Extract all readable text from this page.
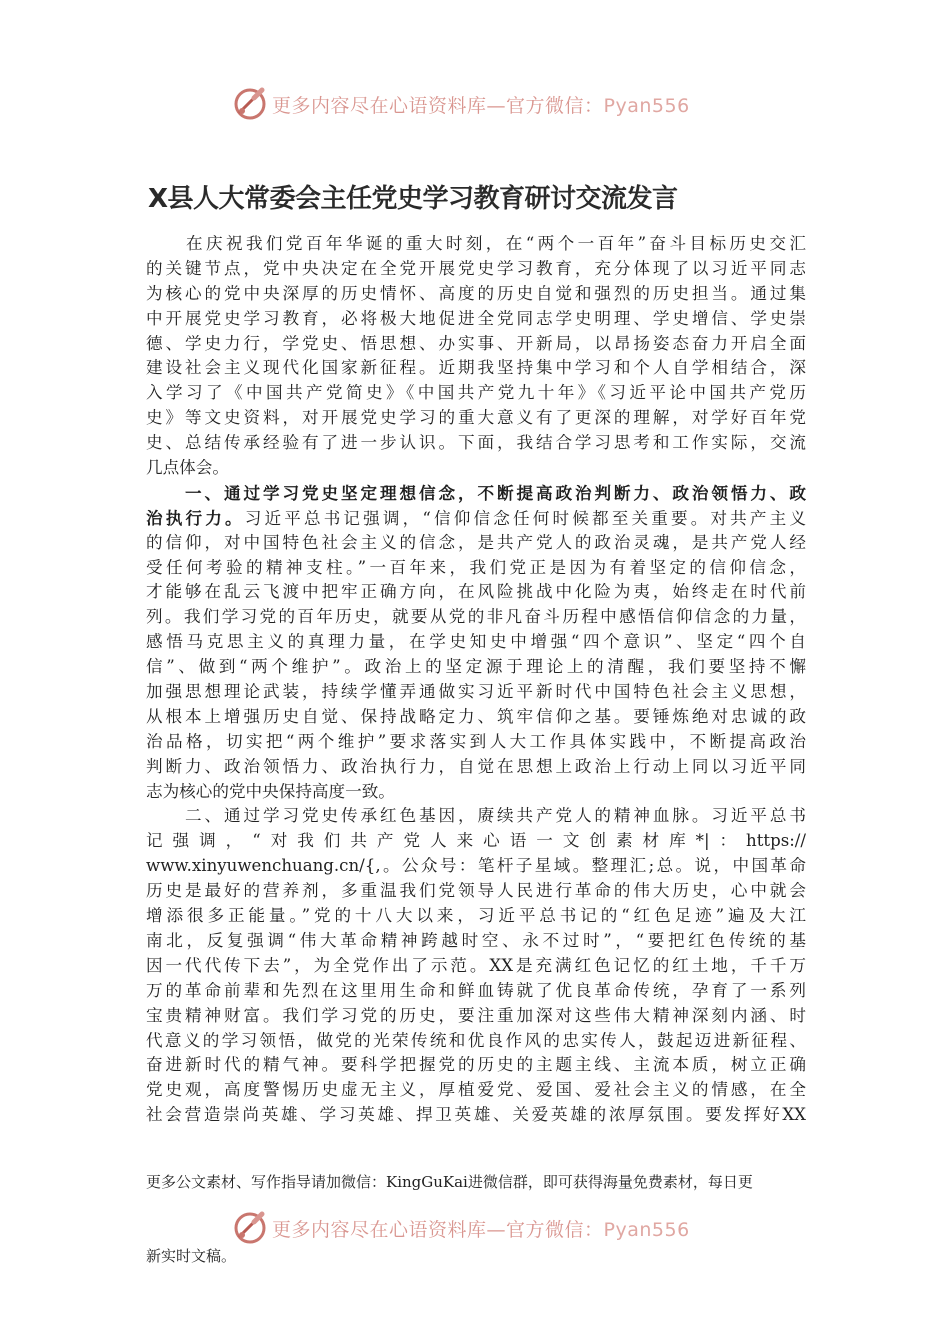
更多内容尽在心语资料库—官方微信：Pyan556
X县人大常委会主任党史学习教育研讨交流发言
　　在庆祝我们党百年华诞的重大时刻，在“两个一百年”奋斗目标历史交汇
的关键节点，党中央决定在全党开展党史学习教育，充分体现了以习近平同志
为核心的党中央深厚的历史情怀、高度的历史自觉和强烈的历史担当。通过集
中开展党史学习教育，必将极大地促进全党同志学史明理、学史增信、学史崇
德、学史力行，学党史、悟思想、办实事、开新局，以昂扬姿态奋力开启全面
建设社会主义现代化国家新征程。近期我坚持集中学习和个人自学相结合，深
入学习了《中国共产党简史》《中国共产党九十年》《习近平论中国共产党历
史》等文史资料，对开展党史学习的重大意义有了更深的理解，对学好百年党
史、总结传承经验有了进一步认识。下面，我结合学习思考和工作实际，交流
几点体会。
　　一、通过学习党史坚定理想信念，不断提高政治判断力、政治领悟力、政
治执行力。习近平总书记强调，“信仰信念任何时候都至关重要。对共产主义
的信仰，对中国特色社会主义的信念，是共产党人的政治灵魂，是共产党人经
受任何考验的精神支柱。”一百年来，我们党正是因为有着坚定的信仰信念，
才能够在乱云飞渡中把牢正确方向，在风险挑战中化险为夷，始终走在时代前
列。我们学习党的百年历史，就要从党的非凡奋斗历程中感悟信仰信念的力量，
感悟马克思主义的真理力量，在学史知史中增强“四个意识”、坚定“四个自
信”、做到“两个维护”。政治上的坚定源于理论上的清醒，我们要坚持不懈
加强思想理论武装，持续学懂弄通做实习近平新时代中国特色社会主义思想，
从根本上增强历史自觉、保持战略定力、筑牢信仰之基。要锤炼绝对忠诚的政
治品格，切实把“两个维护”要求落实到人大工作具体实践中，不断提高政治
判断力、政治领悟力、政治执行力，自觉在思想上政治上行动上同以习近平同
志为核心的党中央保持高度一致。
　　二、通过学习党史传承红色基因，赓续共产党人的精神血脉。习近平总书
记强调，“对我们共产党人来心语一文创素材库*|：https://
www.xinyuwenchuang.cn/{,。公众号：笔杆子星域。整理汇;总。说，中国革命
历史是最好的营养剂，多重温我们党领导人民进行革命的伟大历史，心中就会
增添很多正能量。”党的十八大以来，习近平总书记的“红色足迹”遍及大江
南北，反复强调“伟大革命精神跨越时空、永不过时”，“要把红色传统的基
因一代代传下去”，为全党作出了示范。XX是充满红色记忆的红土地，千千万
万的革命前辈和先烈在这里用生命和鲜血铸就了优良革命传统，孕育了一系列
宝贵精神财富。我们学习党的历史，要注重加深对这些伟大精神深刻内涵、时
代意义的学习领悟，做党的光荣传统和优良作风的忠实传人，鼓起迈进新征程、
奋进新时代的精气神。要科学把握党的历史的主题主线、主流本质，树立正确
党史观，高度警惕历史虚无主义，厚植爱党、爱国、爱社会主义的情感，在全
社会营造崇尚英雄、学习英雄、捍卫英雄、关爱英雄的浓厚氛围。要发挥好XX
更多公文素材、写作指导请加微信：KingGuKai进微信群，即可获得海量免费素材，每日更
更多内容尽在心语资料库—官方微信：Pyan556
新实时文稿。
